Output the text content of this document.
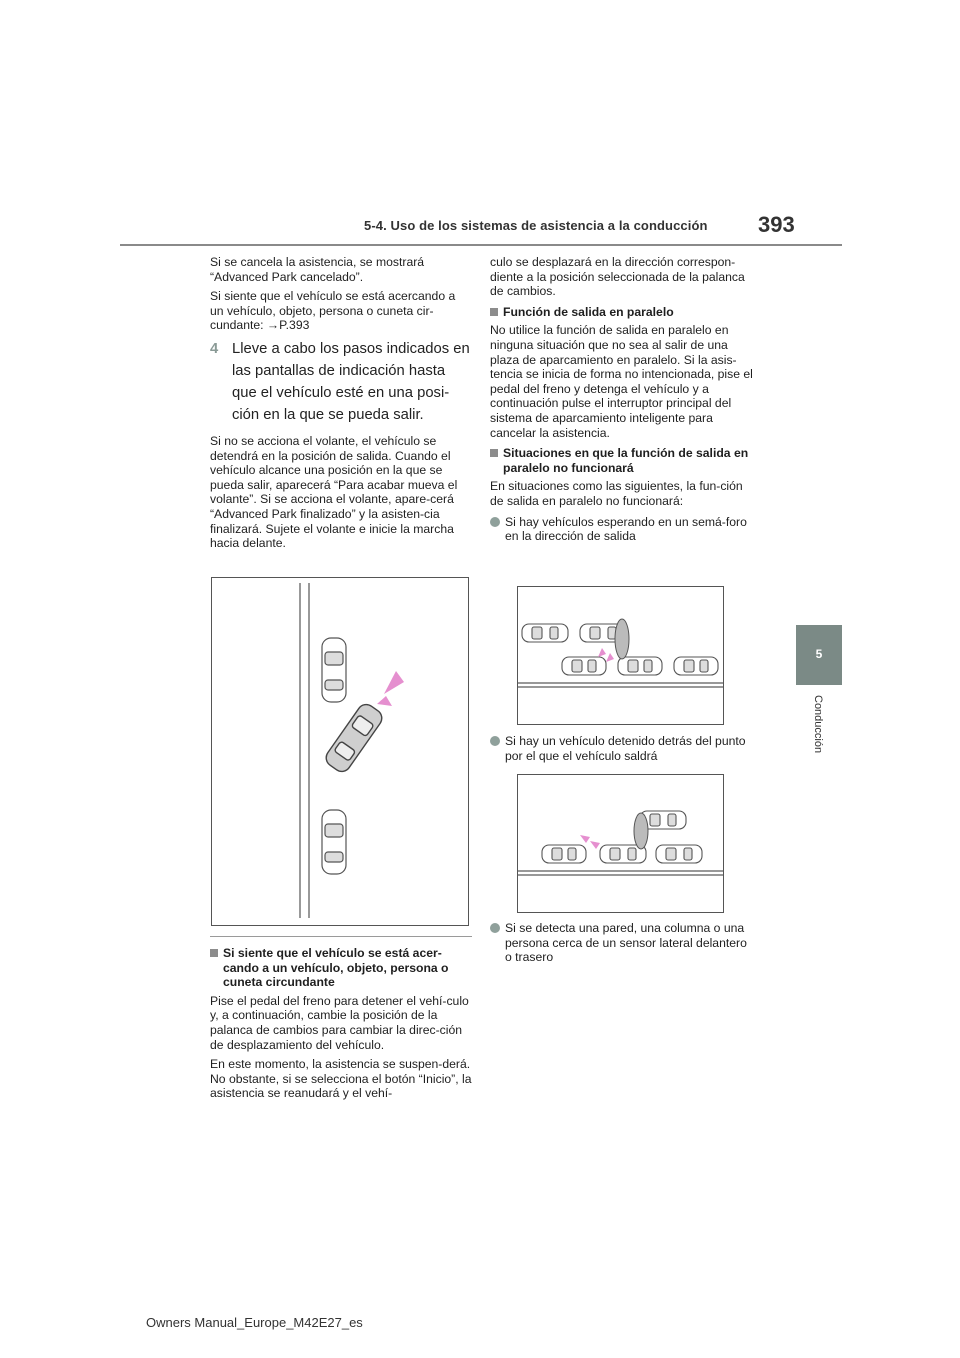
5-4. Uso de los sistemas de asistencia a la conducción 393
5
Conducción

Si se cancela la asistencia, se mostrará “Advanced Park cancelado”.

Si siente que el vehículo se está acercando a un vehículo, objeto, persona o cuneta cir-cundante: →P.393

4 Lleve a cabo los pasos indicados en las pantallas de indicación hasta que el vehículo esté en una posi-ción en la que se pueda salir.

Si no se acciona el volante, el vehículo se detendrá en la posición de salida. Cuando el vehículo alcance una posición en la que se pueda salir, aparecerá “Para acabar mueva el volante”. Si se acciona el volante, apare-cerá “Advanced Park finalizado” y la asisten-cia finalizará. Sujete el volante e inicie la marcha hacia delante.

Si siente que el vehículo se está acer-cando a un vehículo, objeto, persona o cuneta circundante

Pise el pedal del freno para detener el vehí-culo y, a continuación, cambie la posición de la palanca de cambios para cambiar la direc-ción de desplazamiento del vehículo.

En este momento, la asistencia se suspen-derá. No obstante, si se selecciona el botón “Inicio”, la asistencia se reanudará y el vehí-

culo se desplazará en la dirección correspon-diente a la posición seleccionada de la palanca de cambios.

Función de salida en paralelo

No utilice la función de salida en paralelo en ninguna situación que no sea al salir de una plaza de aparcamiento en paralelo. Si la asis-tencia se inicia de forma no intencionada, pise el pedal del freno y detenga el vehículo y a continuación pulse el interruptor principal del sistema de aparcamiento inteligente para cancelar la asistencia.

Situaciones en que la función de salida en paralelo no funcionará

En situaciones como las siguientes, la fun-ción de salida en paralelo no funcionará:

Si hay vehículos esperando en un semá-foro en la dirección de salida
Si hay un vehículo detenido detrás del punto por el que el vehículo saldrá
Si se detecta una pared, una columna o una persona cerca de un sensor lateral delantero o trasero
Owners Manual_Europe_M42E27_es
